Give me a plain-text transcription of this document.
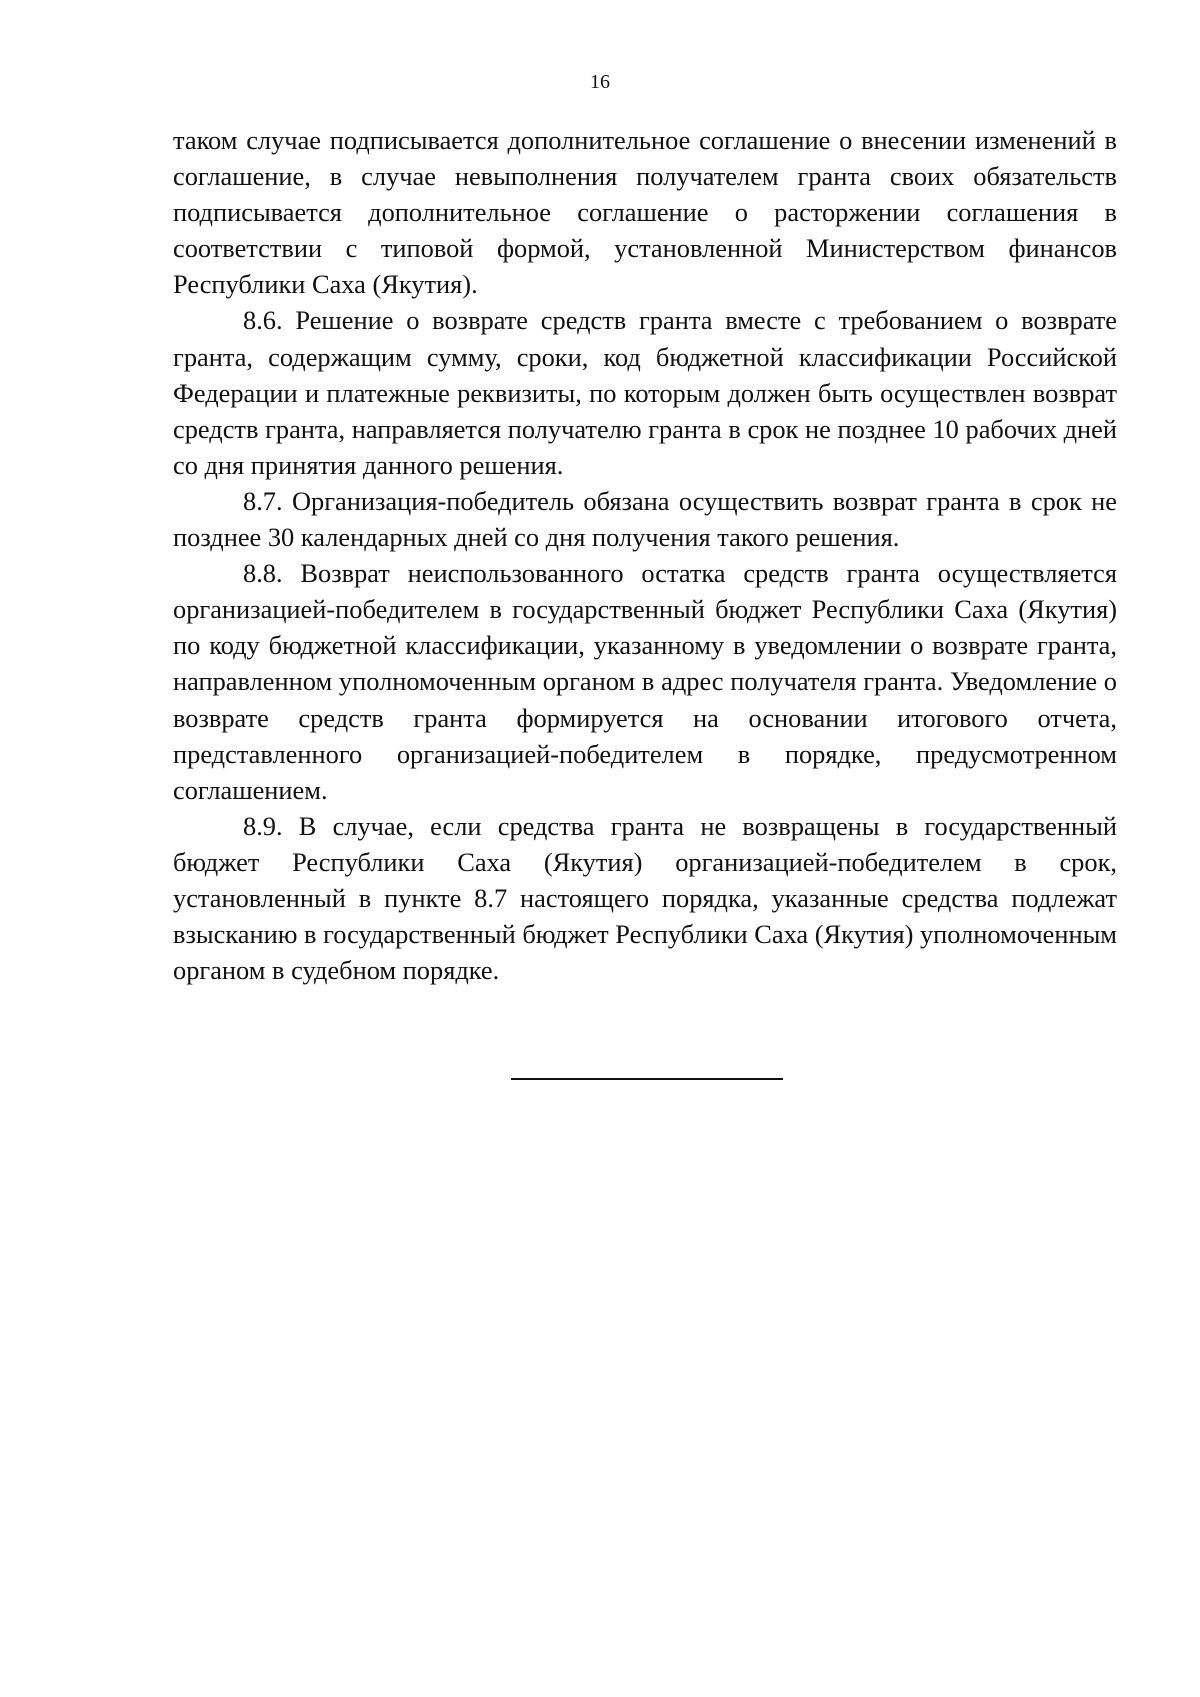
16

таком случае подписывается дополнительное соглашение о внесении изменений в соглашение, в случае невыполнения получателем гранта своих обязательств подписывается дополнительное соглашение о расторжении соглашения в соответствии с типовой формой, установленной Министерством финансов Республики Саха (Якутия).

8.6. Решение о возврате средств гранта вместе с требованием о возврате гранта, содержащим сумму, сроки, код бюджетной классификации Российской Федерации и платежные реквизиты, по которым должен быть осуществлен возврат средств гранта, направляется получателю гранта в срок не позднее 10 рабочих дней со дня принятия данного решения.

8.7. Организация-победитель обязана осуществить возврат гранта в срок не позднее 30 календарных дней со дня получения такого решения.

8.8. Возврат неиспользованного остатка средств гранта осуществляется организацией-победителем в государственный бюджет Республики Саха (Якутия) по коду бюджетной классификации, указанному в уведомлении о возврате гранта, направленном уполномоченным органом в адрес получателя гранта. Уведомление о возврате средств гранта формируется на основании итогового отчета, представленного организацией-победителем в порядке, предусмотренном соглашением.

8.9. В случае, если средства гранта не возвращены в государственный бюджет Республики Саха (Якутия) организацией-победителем в срок, установленный в пункте 8.7 настоящего порядка, указанные средства подлежат взысканию в государственный бюджет Республики Саха (Якутия) уполномоченным органом в судебном порядке.
